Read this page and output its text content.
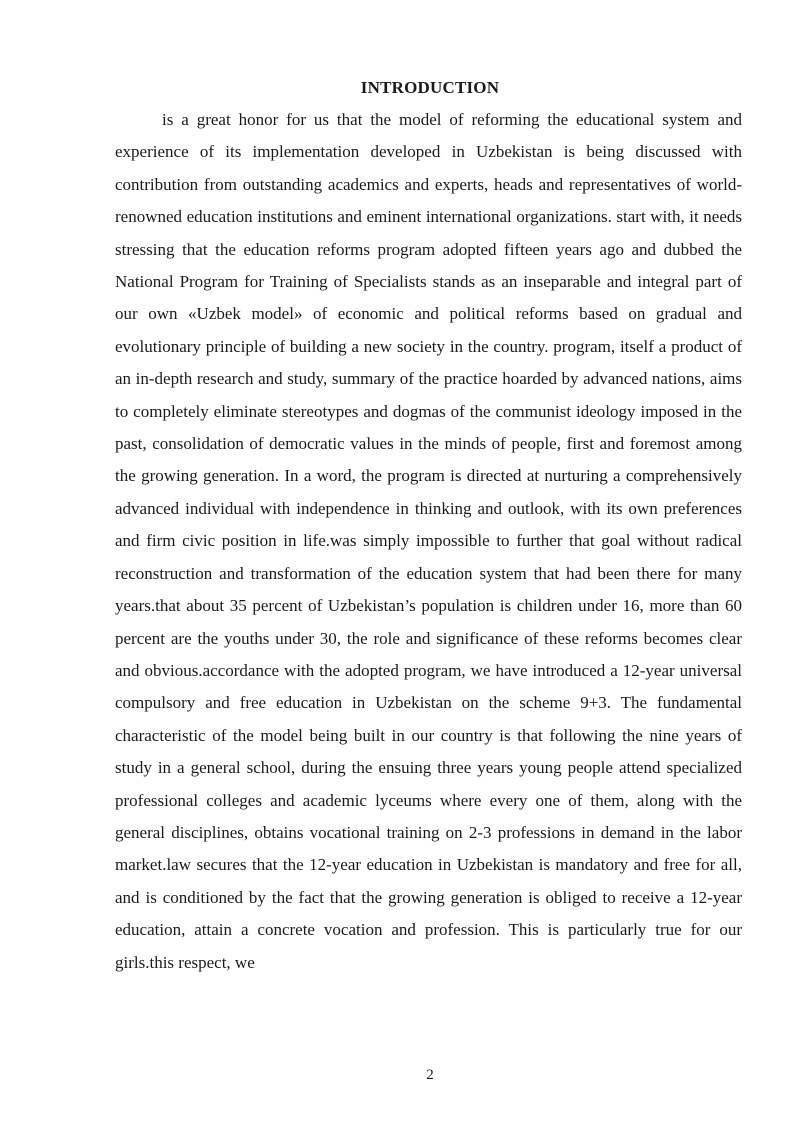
INTRODUCTION

is a great honor for us that the model of reforming the educational system and experience of its implementation developed in Uzbekistan is being discussed with contribution from outstanding academics and experts, heads and representatives of world-renowned education institutions and eminent international organizations. start with, it needs stressing that the education reforms program adopted fifteen years ago and dubbed the National Program for Training of Specialists stands as an inseparable and integral part of our own «Uzbek model» of economic and political reforms based on gradual and evolutionary principle of building a new society in the country. program, itself a product of an in-depth research and study, summary of the practice hoarded by advanced nations, aims to completely eliminate stereotypes and dogmas of the communist ideology imposed in the past, consolidation of democratic values in the minds of people, first and foremost among the growing generation. In a word, the program is directed at nurturing a comprehensively advanced individual with independence in thinking and outlook, with its own preferences and firm civic position in life.was simply impossible to further that goal without radical reconstruction and transformation of the education system that had been there for many years.that about 35 percent of Uzbekistan’s population is children under 16, more than 60 percent are the youths under 30, the role and significance of these reforms becomes clear and obvious.accordance with the adopted program, we have introduced a 12-year universal compulsory and free education in Uzbekistan on the scheme 9+3. The fundamental characteristic of the model being built in our country is that following the nine years of study in a general school, during the ensuing three years young people attend specialized professional colleges and academic lyceums where every one of them, along with the general disciplines, obtains vocational training on 2-3 professions in demand in the labor market.law secures that the 12-year education in Uzbekistan is mandatory and free for all, and is conditioned by the fact that the growing generation is obliged to receive a 12-year education, attain a concrete vocation and profession. This is particularly true for our girls.this respect, we

2
